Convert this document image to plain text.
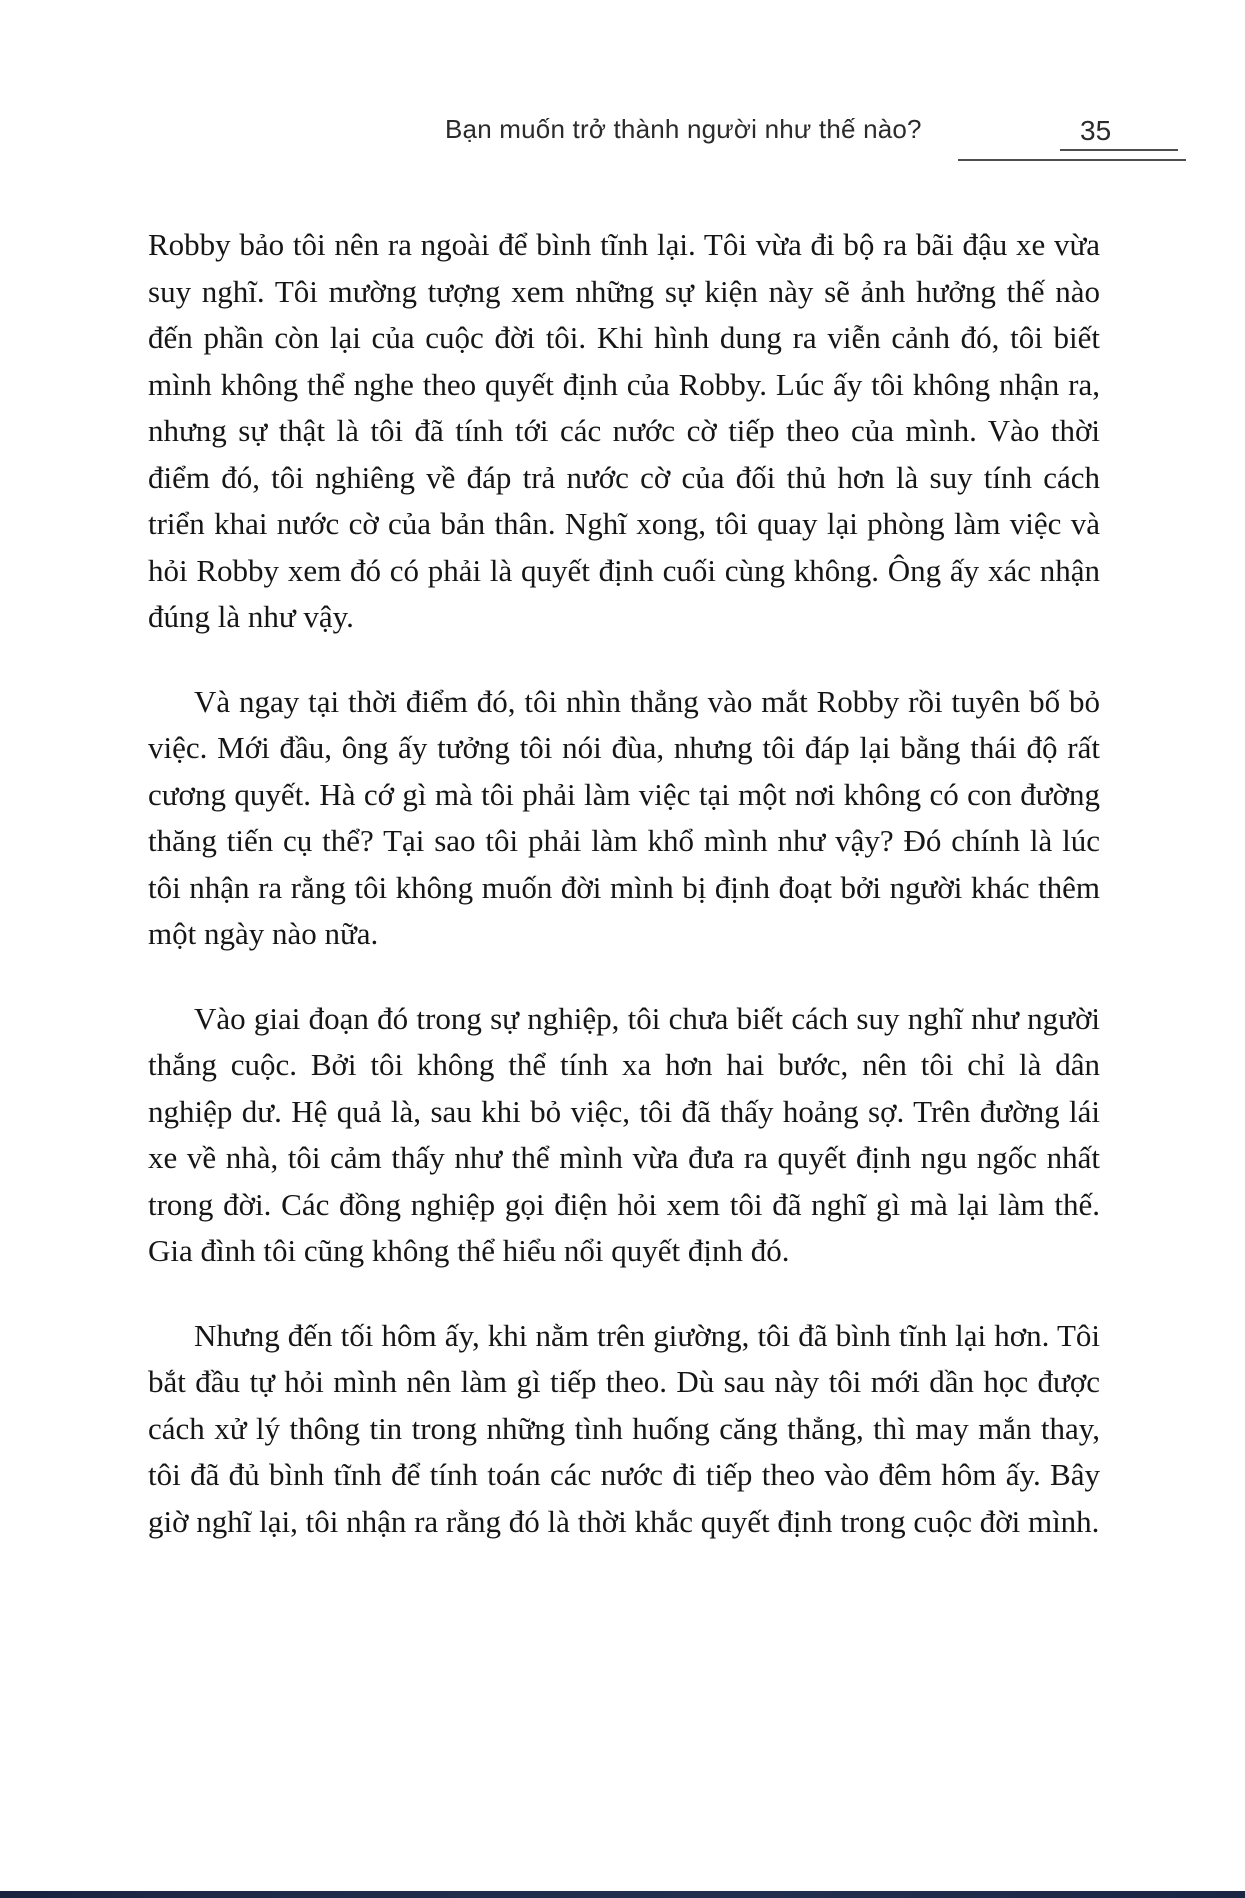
Bạn muốn trở thành người như thế nào?	35

Robby bảo tôi nên ra ngoài để bình tĩnh lại. Tôi vừa đi bộ ra bãi đậu xe vừa suy nghĩ. Tôi mường tượng xem những sự kiện này sẽ ảnh hưởng thế nào đến phần còn lại của cuộc đời tôi. Khi hình dung ra viễn cảnh đó, tôi biết mình không thể nghe theo quyết định của Robby. Lúc ấy tôi không nhận ra, nhưng sự thật là tôi đã tính tới các nước cờ tiếp theo của mình. Vào thời điểm đó, tôi nghiêng về đáp trả nước cờ của đối thủ hơn là suy tính cách triển khai nước cờ của bản thân. Nghĩ xong, tôi quay lại phòng làm việc và hỏi Robby xem đó có phải là quyết định cuối cùng không. Ông ấy xác nhận đúng là như vậy.

Và ngay tại thời điểm đó, tôi nhìn thẳng vào mắt Robby rồi tuyên bố bỏ việc. Mới đầu, ông ấy tưởng tôi nói đùa, nhưng tôi đáp lại bằng thái độ rất cương quyết. Hà cớ gì mà tôi phải làm việc tại một nơi không có con đường thăng tiến cụ thể? Tại sao tôi phải làm khổ mình như vậy? Đó chính là lúc tôi nhận ra rằng tôi không muốn đời mình bị định đoạt bởi người khác thêm một ngày nào nữa.

Vào giai đoạn đó trong sự nghiệp, tôi chưa biết cách suy nghĩ như người thắng cuộc. Bởi tôi không thể tính xa hơn hai bước, nên tôi chỉ là dân nghiệp dư. Hệ quả là, sau khi bỏ việc, tôi đã thấy hoảng sợ. Trên đường lái xe về nhà, tôi cảm thấy như thể mình vừa đưa ra quyết định ngu ngốc nhất trong đời. Các đồng nghiệp gọi điện hỏi xem tôi đã nghĩ gì mà lại làm thế. Gia đình tôi cũng không thể hiểu nổi quyết định đó.

Nhưng đến tối hôm ấy, khi nằm trên giường, tôi đã bình tĩnh lại hơn. Tôi bắt đầu tự hỏi mình nên làm gì tiếp theo. Dù sau này tôi mới dần học được cách xử lý thông tin trong những tình huống căng thẳng, thì may mắn thay, tôi đã đủ bình tĩnh để tính toán các nước đi tiếp theo vào đêm hôm ấy. Bây giờ nghĩ lại, tôi nhận ra rằng đó là thời khắc quyết định trong cuộc đời mình.
